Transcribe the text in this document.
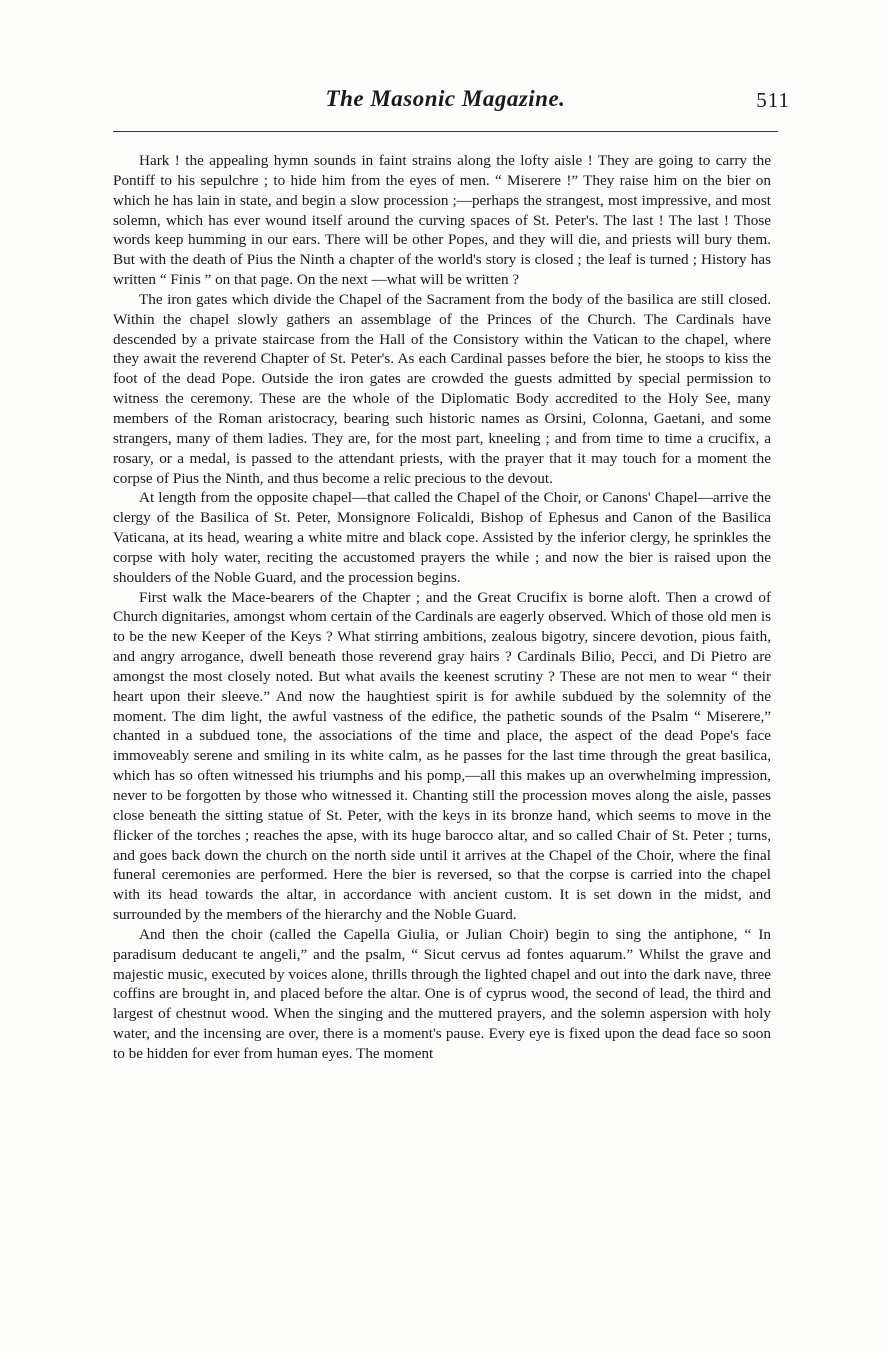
The Masonic Magazine.	511

Hark ! the appealing hymn sounds in faint strains along the lofty aisle ! They are going to carry the Pontiff to his sepulchre ; to hide him from the eyes of men. “ Miserere !” They raise him on the bier on which he has lain in state, and begin a slow procession ;—perhaps the strangest, most impressive, and most solemn, which has ever wound itself around the curving spaces of St. Peter's. The last ! The last ! Those words keep humming in our ears. There will be other Popes, and they will die, and priests will bury them. But with the death of Pius the Ninth a chapter of the world's story is closed ; the leaf is turned ; History has written “ Finis ” on that page. On the next —what will be written ?

The iron gates which divide the Chapel of the Sacrament from the body of the basilica are still closed. Within the chapel slowly gathers an assemblage of the Princes of the Church. The Cardinals have descended by a private staircase from the Hall of the Consistory within the Vatican to the chapel, where they await the reverend Chapter of St. Peter's. As each Cardinal passes before the bier, he stoops to kiss the foot of the dead Pope. Outside the iron gates are crowded the guests admitted by special permission to witness the ceremony. These are the whole of the Diplomatic Body accredited to the Holy See, many members of the Roman aristocracy, bearing such historic names as Orsini, Colonna, Gaetani, and some strangers, many of them ladies. They are, for the most part, kneeling ; and from time to time a crucifix, a rosary, or a medal, is passed to the attendant priests, with the prayer that it may touch for a moment the corpse of Pius the Ninth, and thus become a relic precious to the devout.

At length from the opposite chapel—that called the Chapel of the Choir, or Canons' Chapel—arrive the clergy of the Basilica of St. Peter, Monsignore Folicaldi, Bishop of Ephesus and Canon of the Basilica Vaticana, at its head, wearing a white mitre and black cope. Assisted by the inferior clergy, he sprinkles the corpse with holy water, reciting the accustomed prayers the while ; and now the bier is raised upon the shoulders of the Noble Guard, and the procession begins.

First walk the Mace-bearers of the Chapter ; and the Great Crucifix is borne aloft. Then a crowd of Church dignitaries, amongst whom certain of the Cardinals are eagerly observed. Which of those old men is to be the new Keeper of the Keys ? What stirring ambitions, zealous bigotry, sincere devotion, pious faith, and angry arrogance, dwell beneath those reverend gray hairs ? Cardinals Bilio, Pecci, and Di Pietro are amongst the most closely noted. But what avails the keenest scrutiny ? These are not men to wear “ their heart upon their sleeve.” And now the haughtiest spirit is for awhile subdued by the solemnity of the moment. The dim light, the awful vastness of the edifice, the pathetic sounds of the Psalm “ Miserere,” chanted in a subdued tone, the associations of the time and place, the aspect of the dead Pope's face immoveably serene and smiling in its white calm, as he passes for the last time through the great basilica, which has so often witnessed his triumphs and his pomp,—all this makes up an overwhelming impression, never to be forgotten by those who witnessed it. Chanting still the procession moves along the aisle, passes close beneath the sitting statue of St. Peter, with the keys in its bronze hand, which seems to move in the flicker of the torches ; reaches the apse, with its huge barocco altar, and so called Chair of St. Peter ; turns, and goes back down the church on the north side until it arrives at the Chapel of the Choir, where the final funeral ceremonies are performed. Here the bier is reversed, so that the corpse is carried into the chapel with its head towards the altar, in accordance with ancient custom. It is set down in the midst, and surrounded by the members of the hierarchy and the Noble Guard.

And then the choir (called the Capella Giulia, or Julian Choir) begin to sing the antiphone, “ In paradisum deducant te angeli,” and the psalm, “ Sicut cervus ad fontes aquarum.” Whilst the grave and majestic music, executed by voices alone, thrills through the lighted chapel and out into the dark nave, three coffins are brought in, and placed before the altar. One is of cyprus wood, the second of lead, the third and largest of chestnut wood. When the singing and the muttered prayers, and the solemn aspersion with holy water, and the incensing are over, there is a moment's pause. Every eye is fixed upon the dead face so soon to be hidden for ever from human eyes. The moment
